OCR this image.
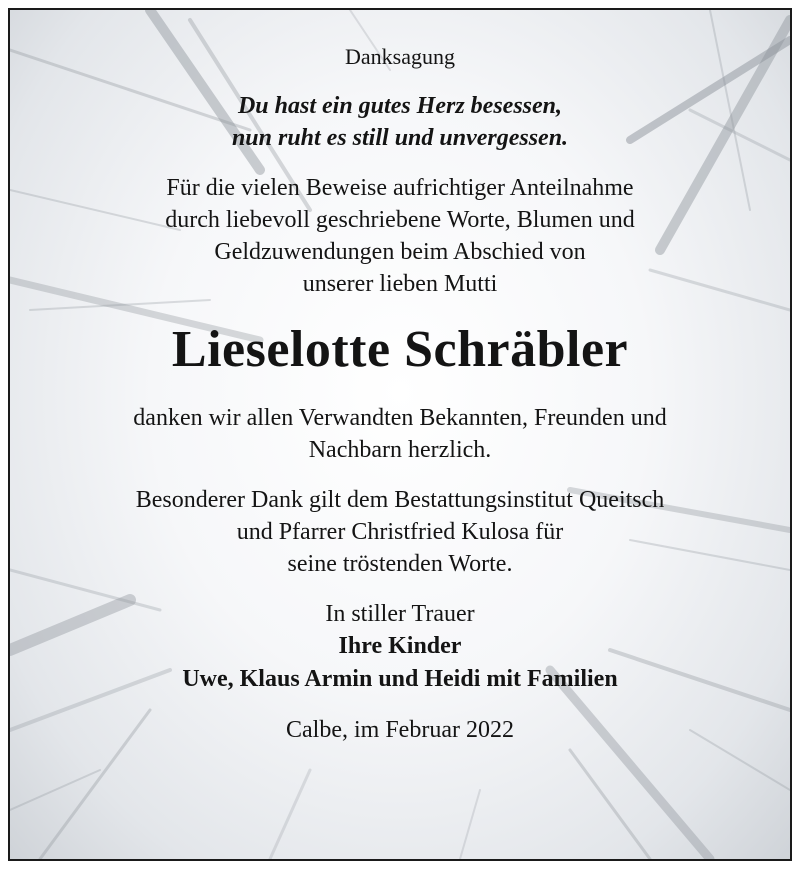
Danksagung
Du hast ein gutes Herz besessen,
nun ruht es still und unvergessen.
Für die vielen Beweise aufrichtiger Anteilnahme
durch liebevoll geschriebene Worte, Blumen und
Geldzuwendungen beim Abschied von
unserer lieben Mutti
Lieselotte Schräbler
danken wir allen Verwandten Bekannten, Freunden und
Nachbarn herzlich.
Besonderer Dank gilt dem Bestattungsinstitut Queitsch
und Pfarrer Christfried Kulosa für
seine tröstenden Worte.
In stiller Trauer
Ihre Kinder
Uwe, Klaus Armin und Heidi mit Familien
Calbe, im Februar 2022
